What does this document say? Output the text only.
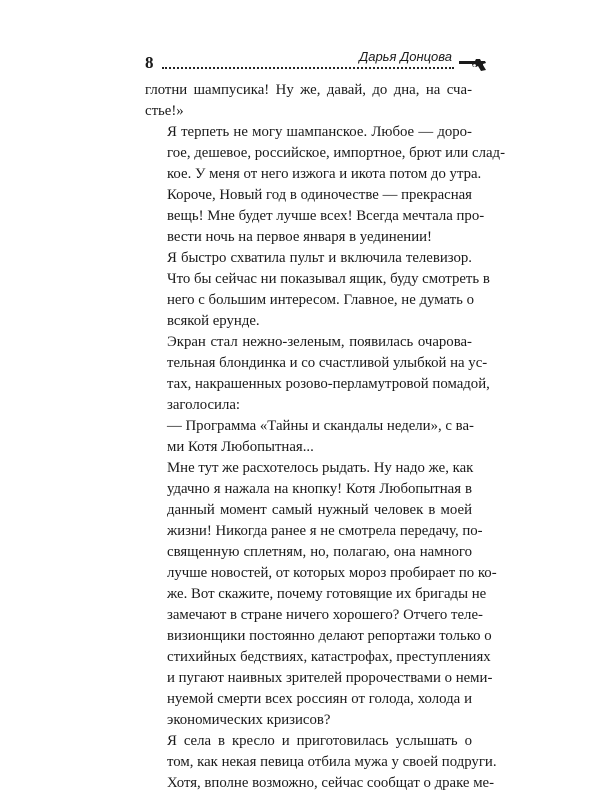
8	Дарья Донцова

глотни шампусика! Ну же, давай, до дна, на сча-
стье!»

Я терпеть не могу шампанское. Любое — доро-
гое, дешевое, российское, импортное, брют или слад-
кое. У меня от него изжога и икота потом до утра.

Короче, Новый год в одиночестве — прекрасная
вещь! Мне будет лучше всех! Всегда мечтала про-
вести ночь на первое января в уединении!

Я быстро схватила пульт и включила телевизор.
Что бы сейчас ни показывал ящик, буду смотреть в
него с большим интересом. Главное, не думать о
всякой ерунде.

Экран стал нежно-зеленым, появилась очарова-
тельная блондинка и со счастливой улыбкой на ус-
тах, накрашенных розово-перламутровой помадой,
заголосила:

— Программа «Тайны и скандалы недели», с ва-
ми Котя Любопытная...

Мне тут же расхотелось рыдать. Ну надо же, как
удачно я нажала на кнопку! Котя Любопытная в
данный момент самый нужный человек в моей
жизни! Никогда ранее я не смотрела передачу, по-
священную сплетням, но, полагаю, она намного
лучше новостей, от которых мороз пробирает по ко-
же. Вот скажите, почему готовящие их бригады не
замечают в стране ничего хорошего? Отчего теле-
визионщики постоянно делают репортажи только о
стихийных бедствиях, катастрофах, преступлениях
и пугают наивных зрителей пророчествами о неми-
нуемой смерти всех россиян от голода, холода и
экономических кризисов?

Я села в кресло и приготовилась услышать о
том, как некая певица отбила мужа у своей подруги.
Хотя, вполне возможно, сейчас сообщат о драке ме-
